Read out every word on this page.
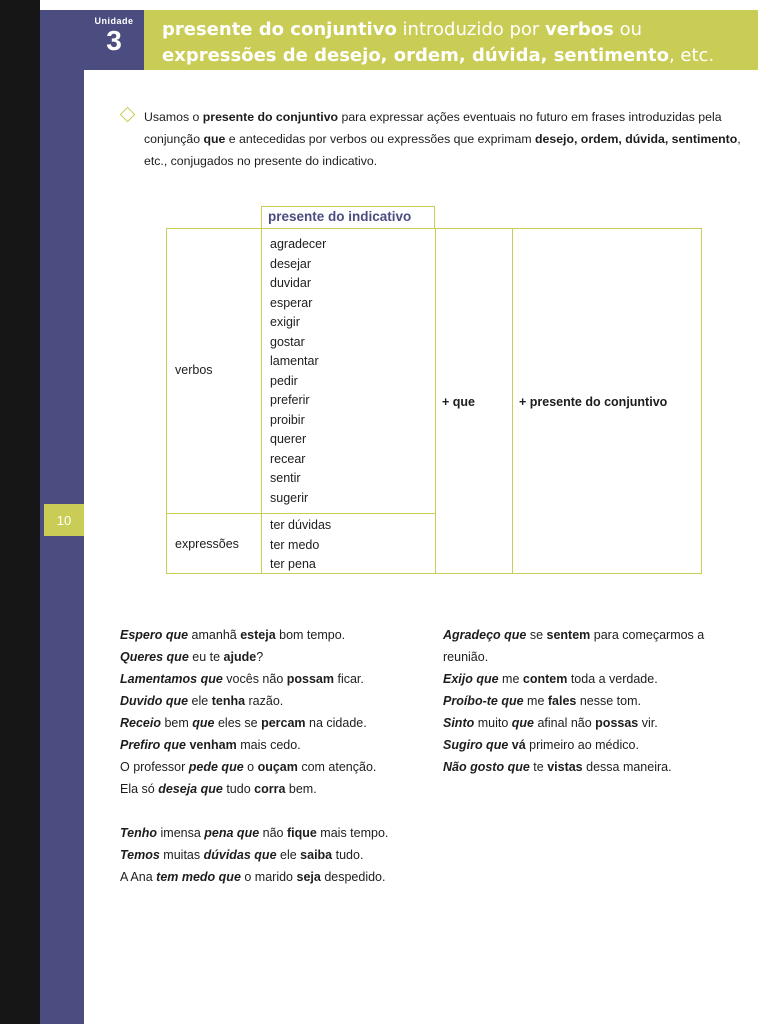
10
Unidade
3	presente do conjuntivo introduzido por verbos ou
expressões de desejo, ordem, dúvida, sentimento, etc.

Usamos o presente do conjuntivo para expressar ações eventuais no futuro em frases introduzidas pela conjunção que e antecedidas por verbos ou expressões que exprimam desejo, ordem, dúvida, sentimento, etc., conjugados no presente do indicativo.

presente do indicativo
verbos
expressões
agradecer
desejar
duvidar
esperar
exigir
gostar
lamentar
pedir
preferir
proibir
querer
recear
sentir
sugerir
ter dúvidas
ter medo
ter pena
+ que	+ presente do conjuntivo

Espero que amanhã esteja bom tempo.

Queres que eu te ajude?

Lamentamos que vocês não possam ficar.

Duvido que ele tenha razão.

Receio bem que eles se percam na cidade.

Prefiro que venham mais cedo.

O professor pede que o ouçam com atenção.

Ela só deseja que tudo corra bem.

Tenho imensa pena que não fique mais tempo.

Temos muitas dúvidas que ele saiba tudo.

A Ana tem medo que o marido seja despedido.

Agradeço que se sentem para começarmos a

reunião.

Exijo que me contem toda a verdade.

Proíbo-te que me fales nesse tom.

Sinto muito que afinal não possas vir.

Sugiro que vá primeiro ao médico.

Não gosto que te vistas dessa maneira.
